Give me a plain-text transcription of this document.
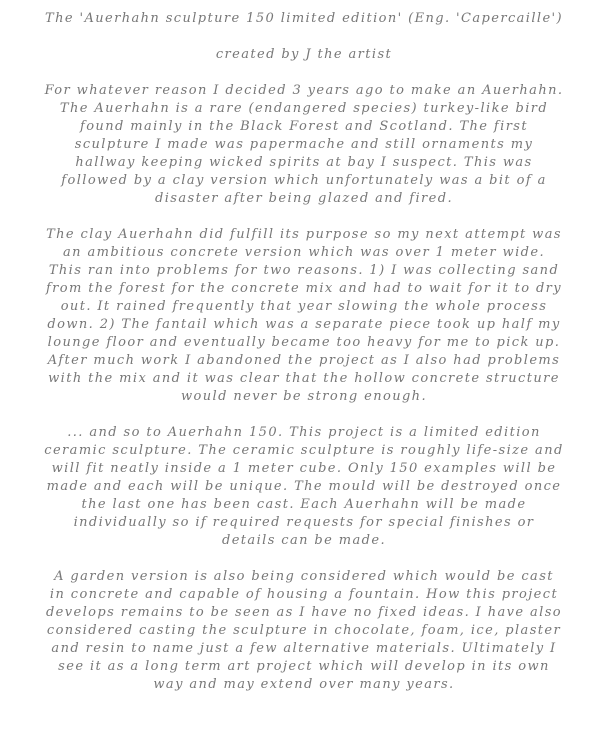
The 'Auerhahn sculpture 150 limited edition' (Eng. 'Capercaille')

created by J the artist

For whatever reason I decided 3 years ago to make an Auerhahn. The Auerhahn is a rare (endangered species) turkey-like bird found mainly in the Black Forest and Scotland. The first sculpture I made was papermache and still ornaments my hallway keeping wicked spirits at bay I suspect. This was followed by a clay version which unfortunately was a bit of a disaster after being glazed and fired.

The clay Auerhahn did fulfill its purpose so my next attempt was an ambitious concrete version which was over 1 meter wide. This ran into problems for two reasons. 1) I was collecting sand from the forest for the concrete mix and had to wait for it to dry out. It rained frequently that year slowing the whole process down. 2) The fantail which was a separate piece took up half my lounge floor and eventually became too heavy for me to pick up. After much work I abandoned the project as I also had problems with the mix and it was clear that the hollow concrete structure would never be strong enough.

... and so to Auerhahn 150. This project is a limited edition ceramic sculpture. The ceramic sculpture is roughly life-size and will fit neatly inside a 1 meter cube. Only 150 examples will be made and each will be unique. The mould will be destroyed once the last one has been cast. Each Auerhahn will be made individually so if required requests for special finishes or details can be made.

A garden version is also being considered which would be cast in concrete and capable of housing a fountain. How this project develops remains to be seen as I have no fixed ideas. I have also considered casting the sculpture in chocolate, foam, ice, plaster and resin to name just a few alternative materials. Ultimately I see it as a long term art project which will develop in its own way and may extend over many years.
